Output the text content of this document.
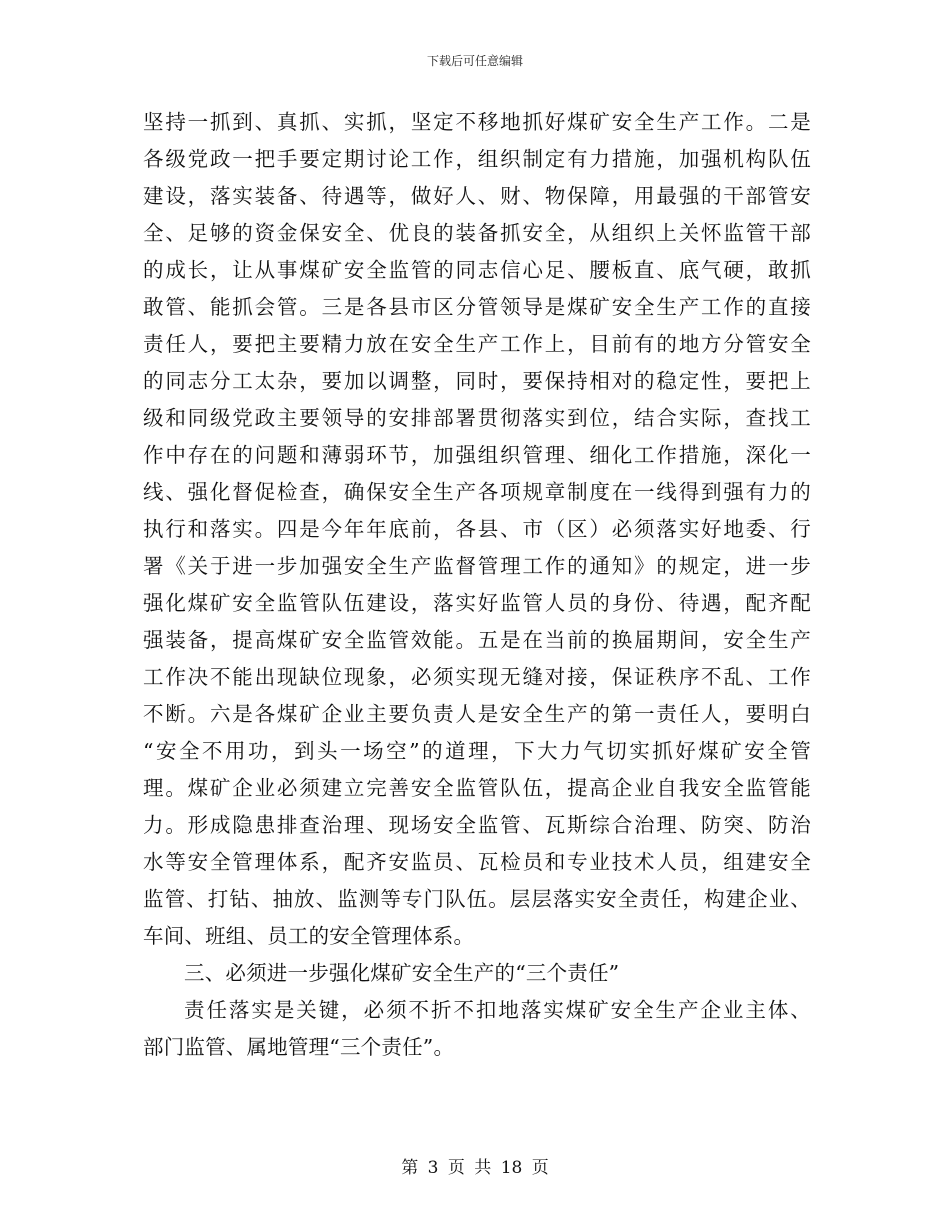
下载后可任意编辑
坚持一抓到、真抓、实抓，坚定不移地抓好煤矿安全生产工作。二是
各级党政一把手要定期讨论工作，组织制定有力措施，加强机构队伍
建设，落实装备、待遇等，做好人、财、物保障，用最强的干部管安
全、足够的资金保安全、优良的装备抓安全，从组织上关怀监管干部
的成长，让从事煤矿安全监管的同志信心足、腰板直、底气硬，敢抓
敢管、能抓会管。三是各县市区分管领导是煤矿安全生产工作的直接
责任人，要把主要精力放在安全生产工作上，目前有的地方分管安全
的同志分工太杂，要加以调整，同时，要保持相对的稳定性，要把上
级和同级党政主要领导的安排部署贯彻落实到位，结合实际，查找工
作中存在的问题和薄弱环节，加强组织管理、细化工作措施，深化一
线、强化督促检查，确保安全生产各项规章制度在一线得到强有力的
执行和落实。四是今年年底前，各县、市（区）必须落实好地委、行
署《关于进一步加强安全生产监督管理工作的通知》的规定，进一步
强化煤矿安全监管队伍建设，落实好监管人员的身份、待遇，配齐配
强装备，提高煤矿安全监管效能。五是在当前的换届期间，安全生产
工作决不能出现缺位现象，必须实现无缝对接，保证秩序不乱、工作
不断。六是各煤矿企业主要负责人是安全生产的第一责任人，要明白
“安全不用功，到头一场空”的道理，下大力气切实抓好煤矿安全管
理。煤矿企业必须建立完善安全监管队伍，提高企业自我安全监管能
力。形成隐患排查治理、现场安全监管、瓦斯综合治理、防突、防治
水等安全管理体系，配齐安监员、瓦检员和专业技术人员，组建安全
监管、打钻、抽放、监测等专门队伍。层层落实安全责任，构建企业、
车间、班组、员工的安全管理体系。
三、必须进一步强化煤矿安全生产的“三个责任”
责任落实是关键，必须不折不扣地落实煤矿安全生产企业主体、
部门监管、属地管理“三个责任”。
第 3 页 共 18 页
